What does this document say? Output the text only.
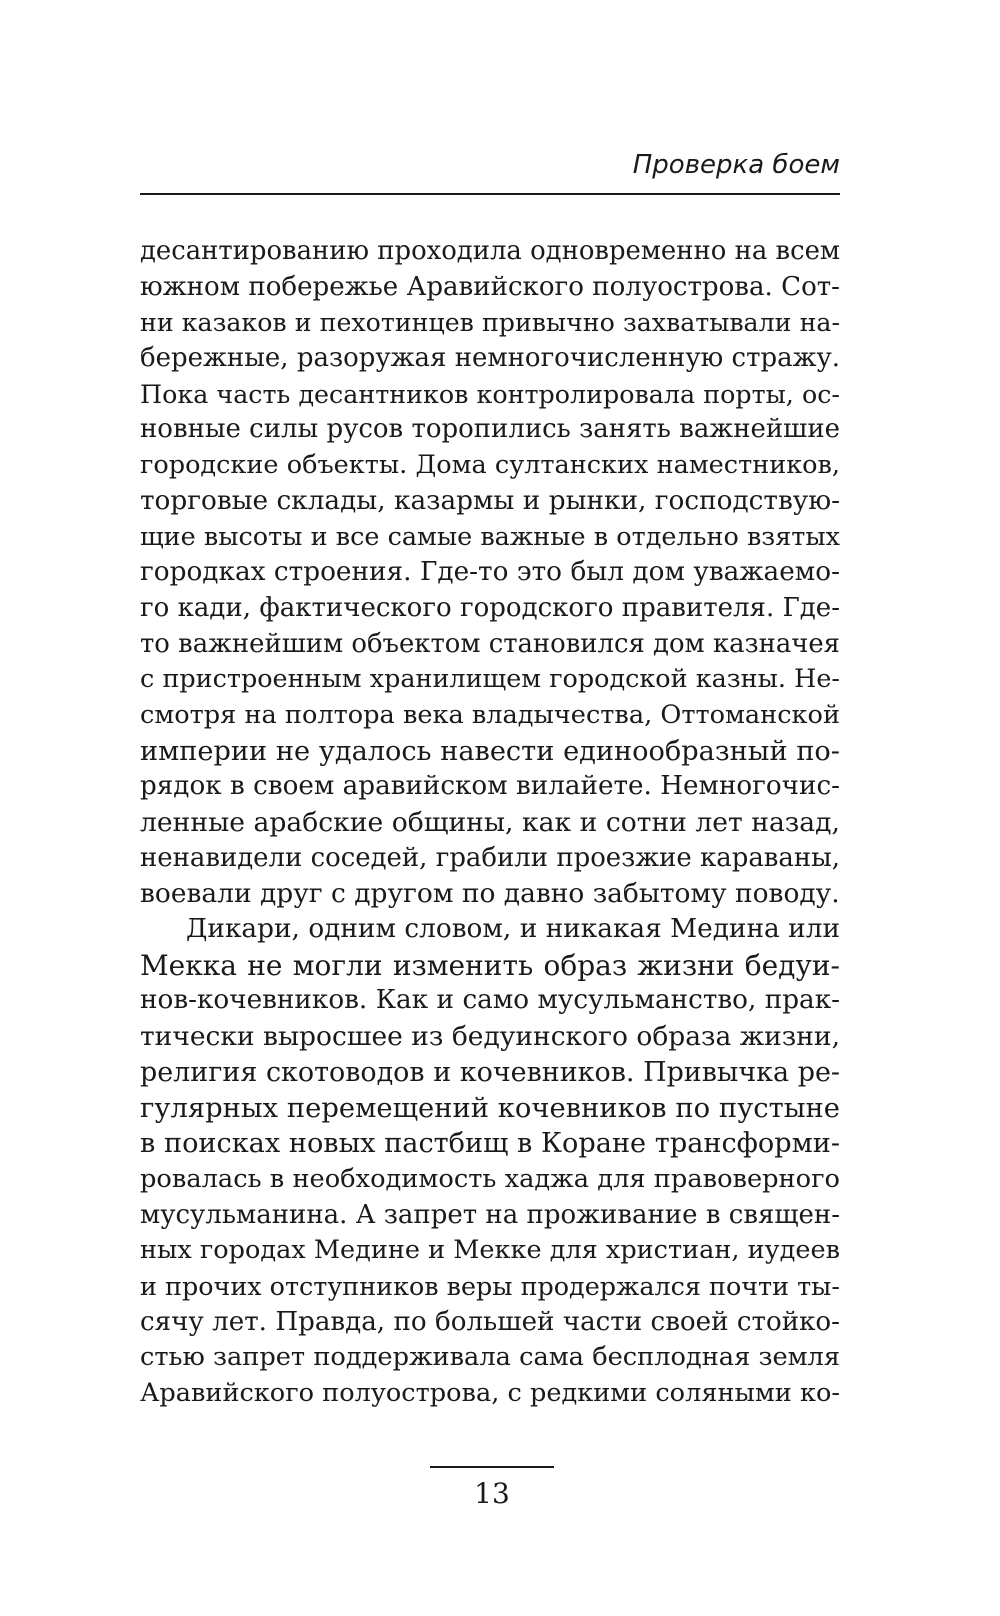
Проверка боем
десантированию проходила одновременно на всем
южном побережье Аравийского полуострова. Сот-
ни казаков и пехотинцев привычно захватывали на-
бережные, разоружая немногочисленную стражу.
Пока часть десантников контролировала порты, ос-
новные силы русов торопились занять важнейшие
городские объекты. Дома султанских наместников,
торговые склады, казармы и рынки, господствую-
щие высоты и все самые важные в отдельно взятых
городках строения. Где-то это был дом уважаемо-
го кади, фактического городского правителя. Где-
то важнейшим объектом становился дом казначея
с пристроенным хранилищем городской казны. Не-
смотря на полтора века владычества, Оттоманской
империи не удалось навести единообразный по-
рядок в своем аравийском вилайете. Немногочис-
ленные арабские общины, как и сотни лет назад,
ненавидели соседей, грабили проезжие караваны,
воевали друг с другом по давно забытому поводу.
Дикари, одним словом, и никакая Медина или
Мекка не могли изменить образ жизни бедуи-
нов-кочевников. Как и само мусульманство, прак-
тически выросшее из бедуинского образа жизни,
религия скотоводов и кочевников. Привычка ре-
гулярных перемещений кочевников по пустыне
в поисках новых пастбищ в Коране трансформи-
ровалась в необходимость хаджа для правоверного
мусульманина. А запрет на проживание в священ-
ных городах Медине и Мекке для христиан, иудеев
и прочих отступников веры продержался почти ты-
сячу лет. Правда, по большей части своей стойко-
стью запрет поддерживала сама бесплодная земля
Аравийского полуострова, с редкими соляными ко-
13
